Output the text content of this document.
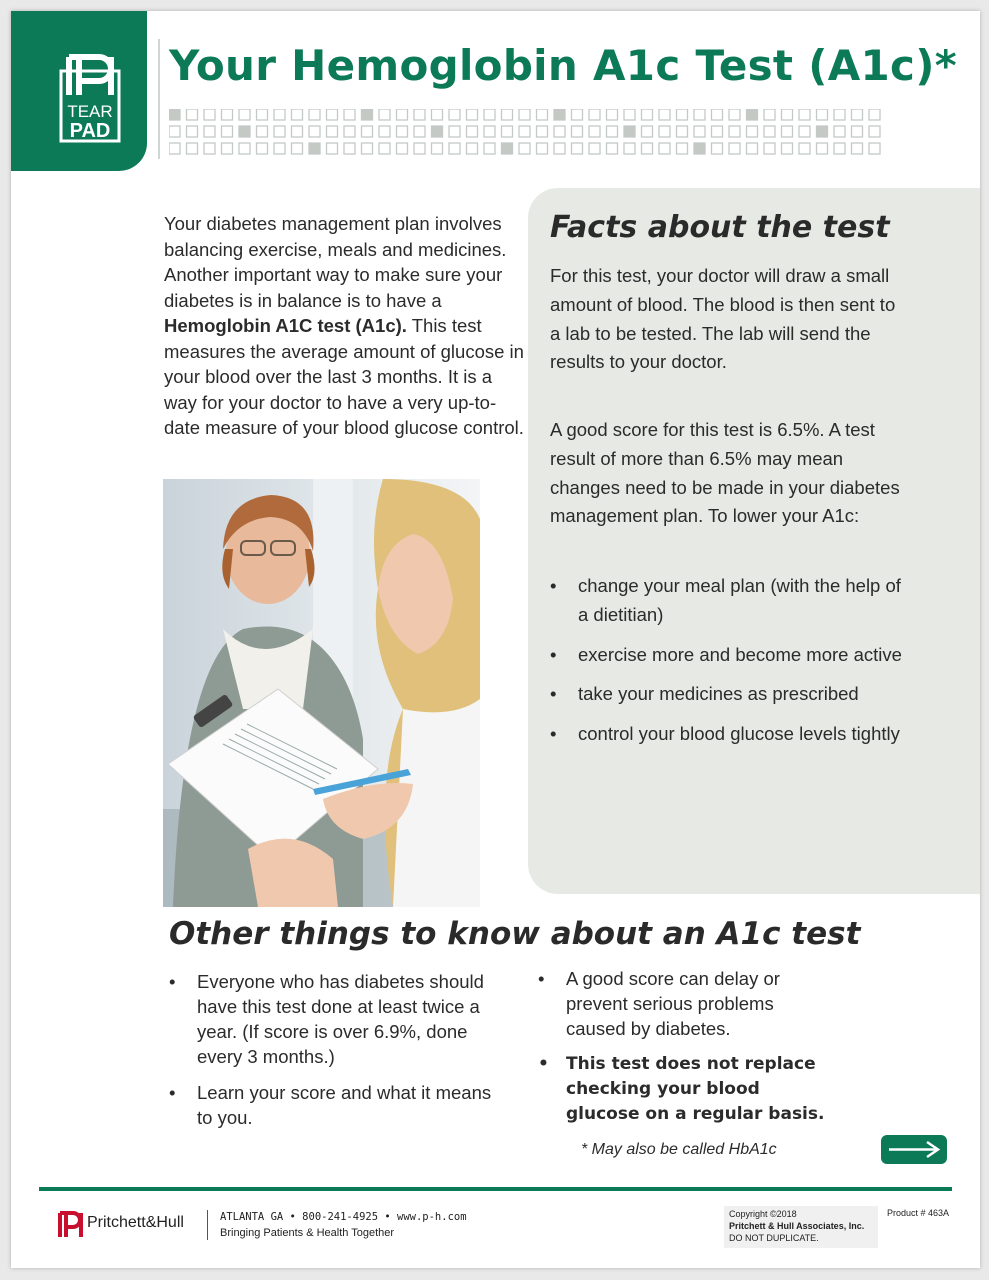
TEAR
PAD
Your Hemoglobin A1c Test (A1c)*

Your diabetes management plan involves balancing exercise, meals and medicines. Another important way to make sure your diabetes is in balance is to have a Hemoglobin A1C test (A1c). This test measures the average amount of glucose in your blood over the last 3 months. It is a way for your doctor to have a very up-to-date measure of your blood glucose control.

Facts about the test

For this test, your doctor will draw a small amount of blood. The blood is then sent to a lab to be tested. The lab will send the results to your doctor.

A good score for this test is 6.5%. A test result of more than 6.5% may mean changes need to be made in your diabetes management plan. To lower your A1c:

• change your meal plan (with the help of a dietitian)
• exercise more and become more active
• take your medicines as prescribed
• control your blood glucose levels tightly
Other things to know about an A1c test
• Everyone who has diabetes should have this test done at least twice a year. (If score is over 6.9%, done every 3 months.)
• Learn your score and what it means to you.
• A good score can delay or prevent serious problems caused by diabetes.
• This test does not replace checking your blood glucose on a regular basis.

* May also be called HbA1c

Pritchett&Hull	ATLANTA GA • 800-241-4925 • www.p-h.com

Bringing Patients & Health Together

Copyright ©2018

Pritchett & Hull Associates, Inc.

DO NOT DUPLICATE.

Product # 463A
